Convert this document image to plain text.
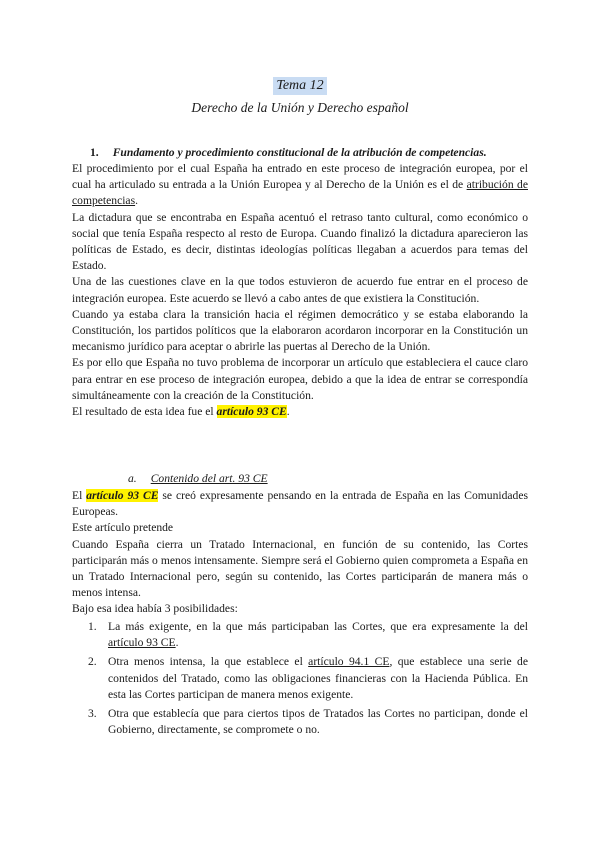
Tema 12
Derecho de la Unión y Derecho español
1. Fundamento y procedimiento constitucional de la atribución de competencias.

El procedimiento por el cual España ha entrado en este proceso de integración europea, por el cual ha articulado su entrada a la Unión Europea y al Derecho de la Unión es el de atribución de competencias.

La dictadura que se encontraba en España acentuó el retraso tanto cultural, como económico o social que tenía España respecto al resto de Europa. Cuando finalizó la dictadura aparecieron las políticas de Estado, es decir, distintas ideologías políticas llegaban a acuerdos para temas del Estado.

Una de las cuestiones clave en la que todos estuvieron de acuerdo fue entrar en el proceso de integración europea. Este acuerdo se llevó a cabo antes de que existiera la Constitución.

Cuando ya estaba clara la transición hacia el régimen democrático y se estaba elaborando la Constitución, los partidos políticos que la elaboraron acordaron incorporar en la Constitución un mecanismo jurídico para aceptar o abrirle las puertas al Derecho de la Unión.

Es por ello que España no tuvo problema de incorporar un artículo que estableciera el cauce claro para entrar en ese proceso de integración europea, debido a que la idea de entrar se correspondía simultáneamente con la creación de la Constitución.

El resultado de esta idea fue el artículo 93 CE.

a. Contenido del art. 93 CE

El artículo 93 CE se creó expresamente pensando en la entrada de España en las Comunidades Europeas.

Este artículo pretende

Cuando España cierra un Tratado Internacional, en función de su contenido, las Cortes participarán más o menos intensamente. Siempre será el Gobierno quien comprometa a España en un Tratado Internacional pero, según su contenido, las Cortes participarán de manera más o menos intensa.

Bajo esa idea había 3 posibilidades:

1. La más exigente, en la que más participaban las Cortes, que era expresamente la del artículo 93 CE.
2. Otra menos intensa, la que establece el artículo 94.1 CE, que establece una serie de contenidos del Tratado, como las obligaciones financieras con la Hacienda Pública. En esta las Cortes participan de manera menos exigente.
3. Otra que establecía que para ciertos tipos de Tratados las Cortes no participan, donde el Gobierno, directamente, se compromete o no.
